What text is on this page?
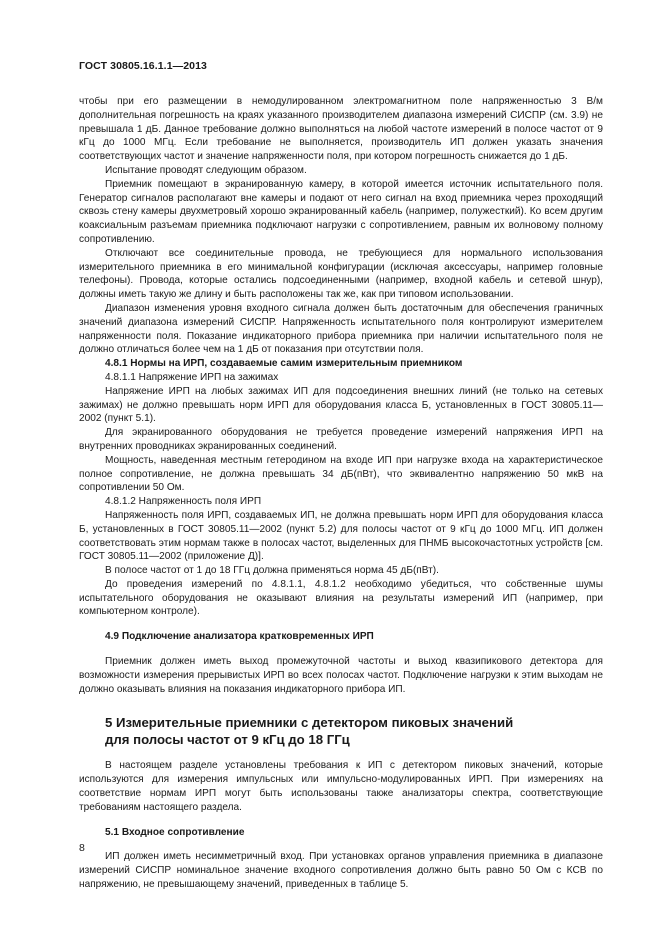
ГОСТ 30805.16.1.1—2013

чтобы при его размещении в немодулированном электромагнитном поле напряженностью 3 В/м дополнительная погрешность на краях указанного производителем диапазона измерений СИСПР (см. 3.9) не превышала 1 дБ. Данное требование должно выполняться на любой частоте измерений в полосе частот от 9 кГц до 1000 МГц. Если требование не выполняется, производитель ИП должен указать значения соответствующих частот и значение напряженности поля, при котором погрешность снижается до 1 дБ.

Испытание проводят следующим образом.

Приемник помещают в экранированную камеру, в которой имеется источник испытательного поля. Генератор сигналов располагают вне камеры и подают от него сигнал на вход приемника через проходящий сквозь стену камеры двухметровый хорошо экранированный кабель (например, полужесткий). Ко всем другим коаксиальным разъемам приемника подключают нагрузки с сопротивлением, равным их волновому полному сопротивлению.

Отключают все соединительные провода, не требующиеся для нормального использования измерительного приемника в его минимальной конфигурации (исключая аксессуары, например головные телефоны). Провода, которые остались подсоединенными (например, входной кабель и сетевой шнур), должны иметь такую же длину и быть расположены так же, как при типовом использовании.

Диапазон изменения уровня входного сигнала должен быть достаточным для обеспечения граничных значений диапазона измерений СИСПР. Напряженность испытательного поля контролируют измерителем напряженности поля. Показание индикаторного прибора приемника при наличии испытательного поля не должно отличаться более чем на 1 дБ от показания при отсутствии поля.

4.8.1 Нормы на ИРП, создаваемые самим измерительным приемником

4.8.1.1 Напряжение ИРП на зажимах

Напряжение ИРП на любых зажимах ИП для подсоединения внешних линий (не только на сетевых зажимах) не должно превышать норм ИРП для оборудования класса Б, установленных в ГОСТ 30805.11—2002 (пункт 5.1).

Для экранированного оборудования не требуется проведение измерений напряжения ИРП на внутренних проводниках экранированных соединений.

Мощность, наведенная местным гетеродином на входе ИП при нагрузке входа на характеристическое полное сопротивление, не должна превышать 34 дБ(пВт), что эквивалентно напряжению 50 мкВ на сопротивлении 50 Ом.

4.8.1.2 Напряженность поля ИРП

Напряженность поля ИРП, создаваемых ИП, не должна превышать норм ИРП для оборудования класса Б, установленных в ГОСТ 30805.11—2002 (пункт 5.2) для полосы частот от 9 кГц до 1000 МГц. ИП должен соответствовать этим нормам также в полосах частот, выделенных для ПНМБ высокочастотных устройств [см. ГОСТ 30805.11—2002 (приложение Д)].

В полосе частот от 1 до 18 ГГц должна применяться норма 45 дБ(пВт).

До проведения измерений по 4.8.1.1, 4.8.1.2 необходимо убедиться, что собственные шумы испытательного оборудования не оказывают влияния на результаты измерений ИП (например, при компьютерном контроле).

4.9 Подключение анализатора кратковременных ИРП

Приемник должен иметь выход промежуточной частоты и выход квазипикового детектора для возможности измерения прерывистых ИРП во всех полосах частот. Подключение нагрузки к этим выходам не должно оказывать влияния на показания индикаторного прибора ИП.

5 Измерительные приемники с детектором пиковых значений

для полосы частот от 9 кГц до 18 ГГц

В настоящем разделе установлены требования к ИП с детектором пиковых значений, которые используются для измерения импульсных или импульсно-модулированных ИРП. При измерениях на соответствие нормам ИРП могут быть использованы также анализаторы спектра, соответствующие требованиям настоящего раздела.

5.1 Входное сопротивление

ИП должен иметь несимметричный вход. При установках органов управления приемника в диапазоне измерений СИСПР номинальное значение входного сопротивления должно быть равно 50 Ом с КСВ по напряжению, не превышающему значений, приведенных в таблице 5.

8
